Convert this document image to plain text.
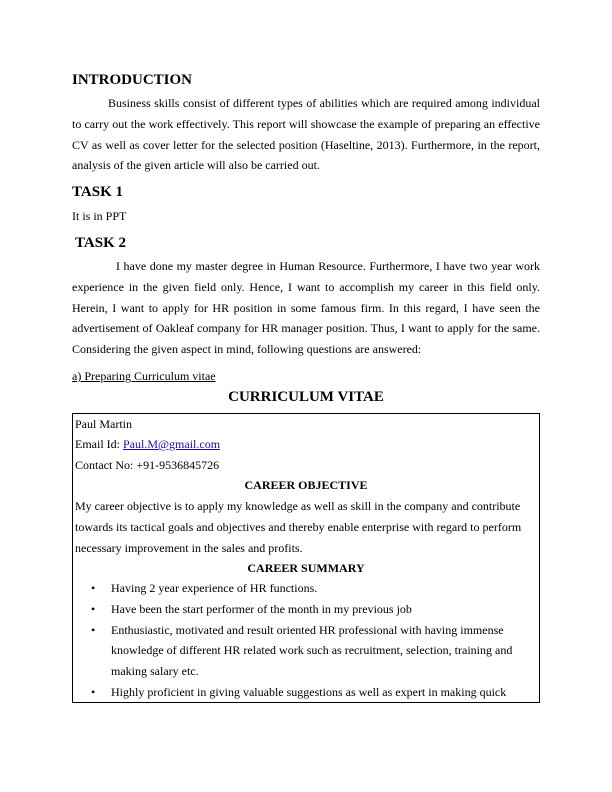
INTRODUCTION
Business skills consist of different types of abilities which are required among individual to carry out the work effectively. This report will showcase the example of preparing an effective CV as well as cover letter for the selected position (Haseltine, 2013). Furthermore, in the report, analysis of the given article will also be carried out.
TASK 1
It is in PPT
TASK 2
I have done my master degree in Human Resource. Furthermore, I have two year work experience in the given field only. Hence, I want to accomplish my career in this field only. Herein, I want to apply for HR position in some famous firm. In this regard, I have seen the advertisement of Oakleaf company for HR manager position. Thus, I want to apply for the same. Considering the given aspect in mind, following questions are answered:
a) Preparing Curriculum vitae
CURRICULUM VITAE
Paul Martin
Email Id: Paul.M@gmail.com
Contact No: +91-9536845726
CAREER OBJECTIVE
My career objective is to apply my knowledge as well as skill in the company and contribute towards its tactical goals and objectives and thereby enable enterprise with regard to perform necessary improvement in the sales and profits.
CAREER SUMMARY
• Having 2 year experience of HR functions.
• Have been the start performer of the month in my previous job
• Enthusiastic, motivated and result oriented HR professional with having immense knowledge of different HR related work such as recruitment, selection, training and making salary etc.
• Highly proficient in giving valuable suggestions as well as expert in making quick
